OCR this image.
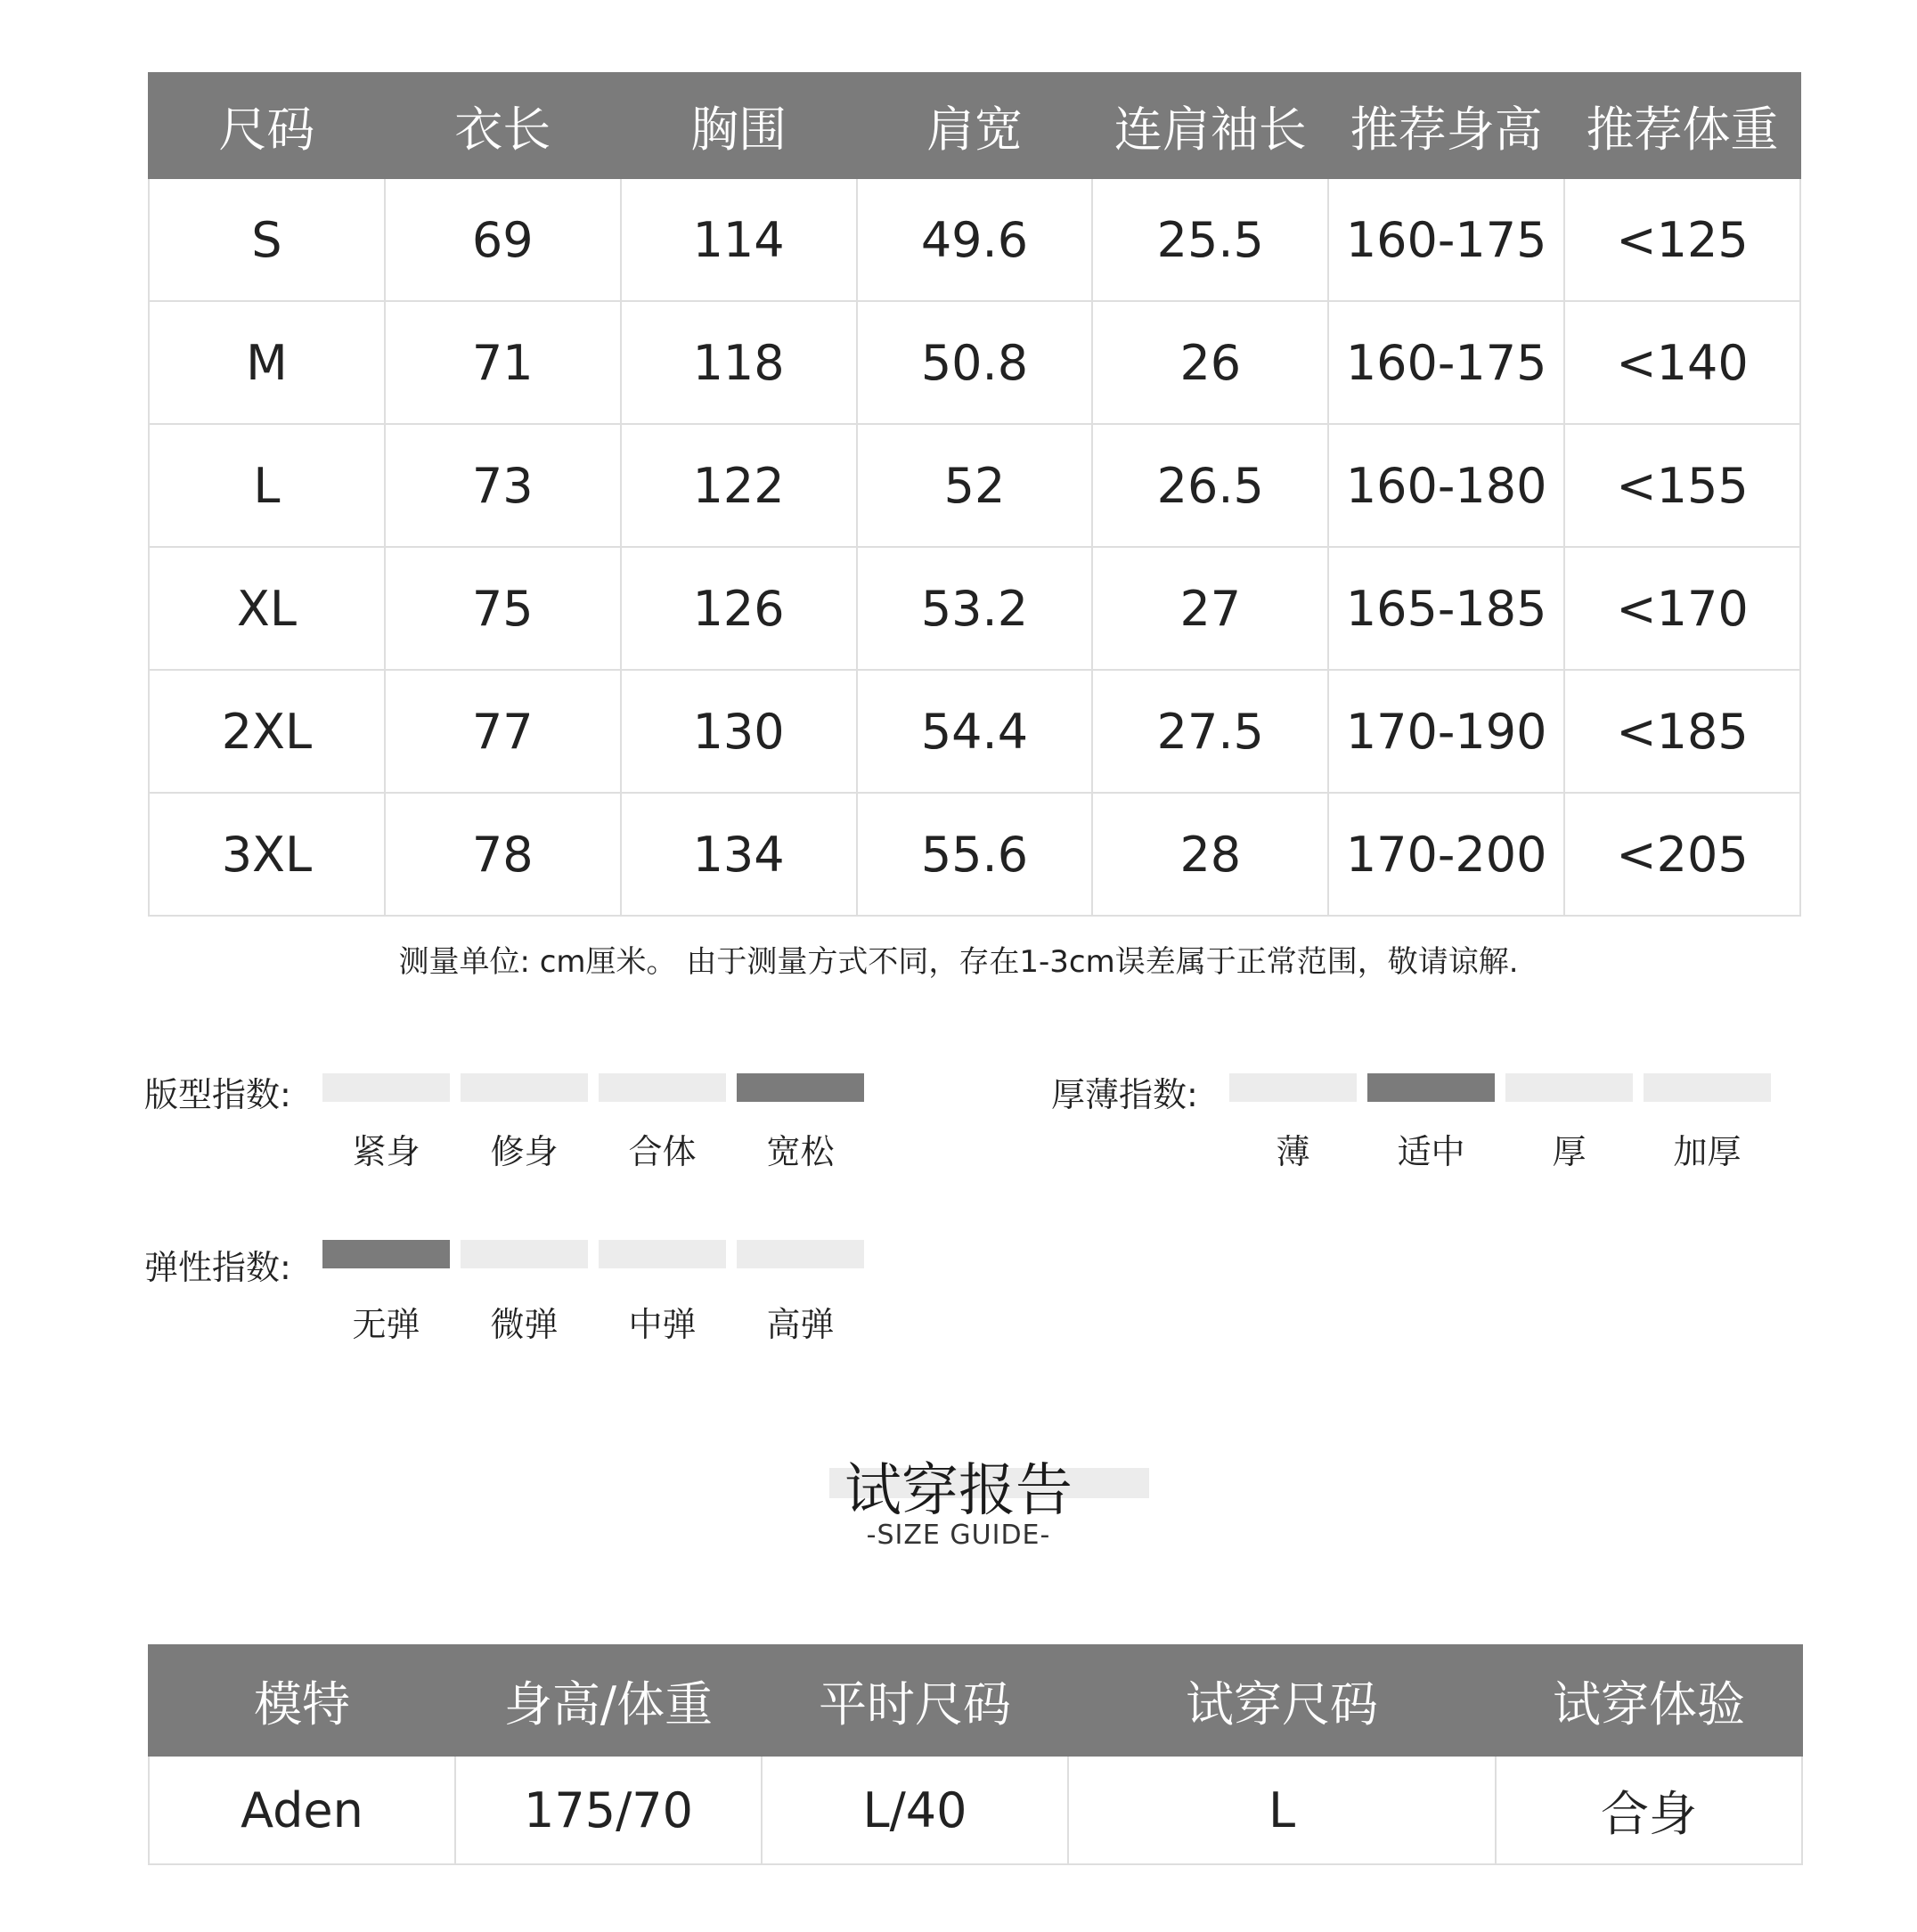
尺码	衣长	胸围	肩宽	连肩袖长	推荐身高	推荐体重
S	69	114	49.6	25.5	160-175	<125
M	71	118	50.8	26	160-175	<140
L	73	122	52	26.5	160-180	<155
XL	75	126	53.2	27	165-185	<170
2XL	77	130	54.4	27.5	170-190	<185
3XL	78	134	55.6	28	170-200	<205
测量单位: cm厘米。 由于测量方式不同，存在1-3cm误差属于正常范围，敬请谅解.
版型指数:
紧身	修身	合体	宽松
厚薄指数:
薄	适中	厚	加厚
弹性指数:
无弹	微弹	中弹	高弹
试穿报告
-SIZE GUIDE-
模特	身高/体重	平时尺码	试穿尺码	试穿体验
Aden	175/70	L/40	L	合身
